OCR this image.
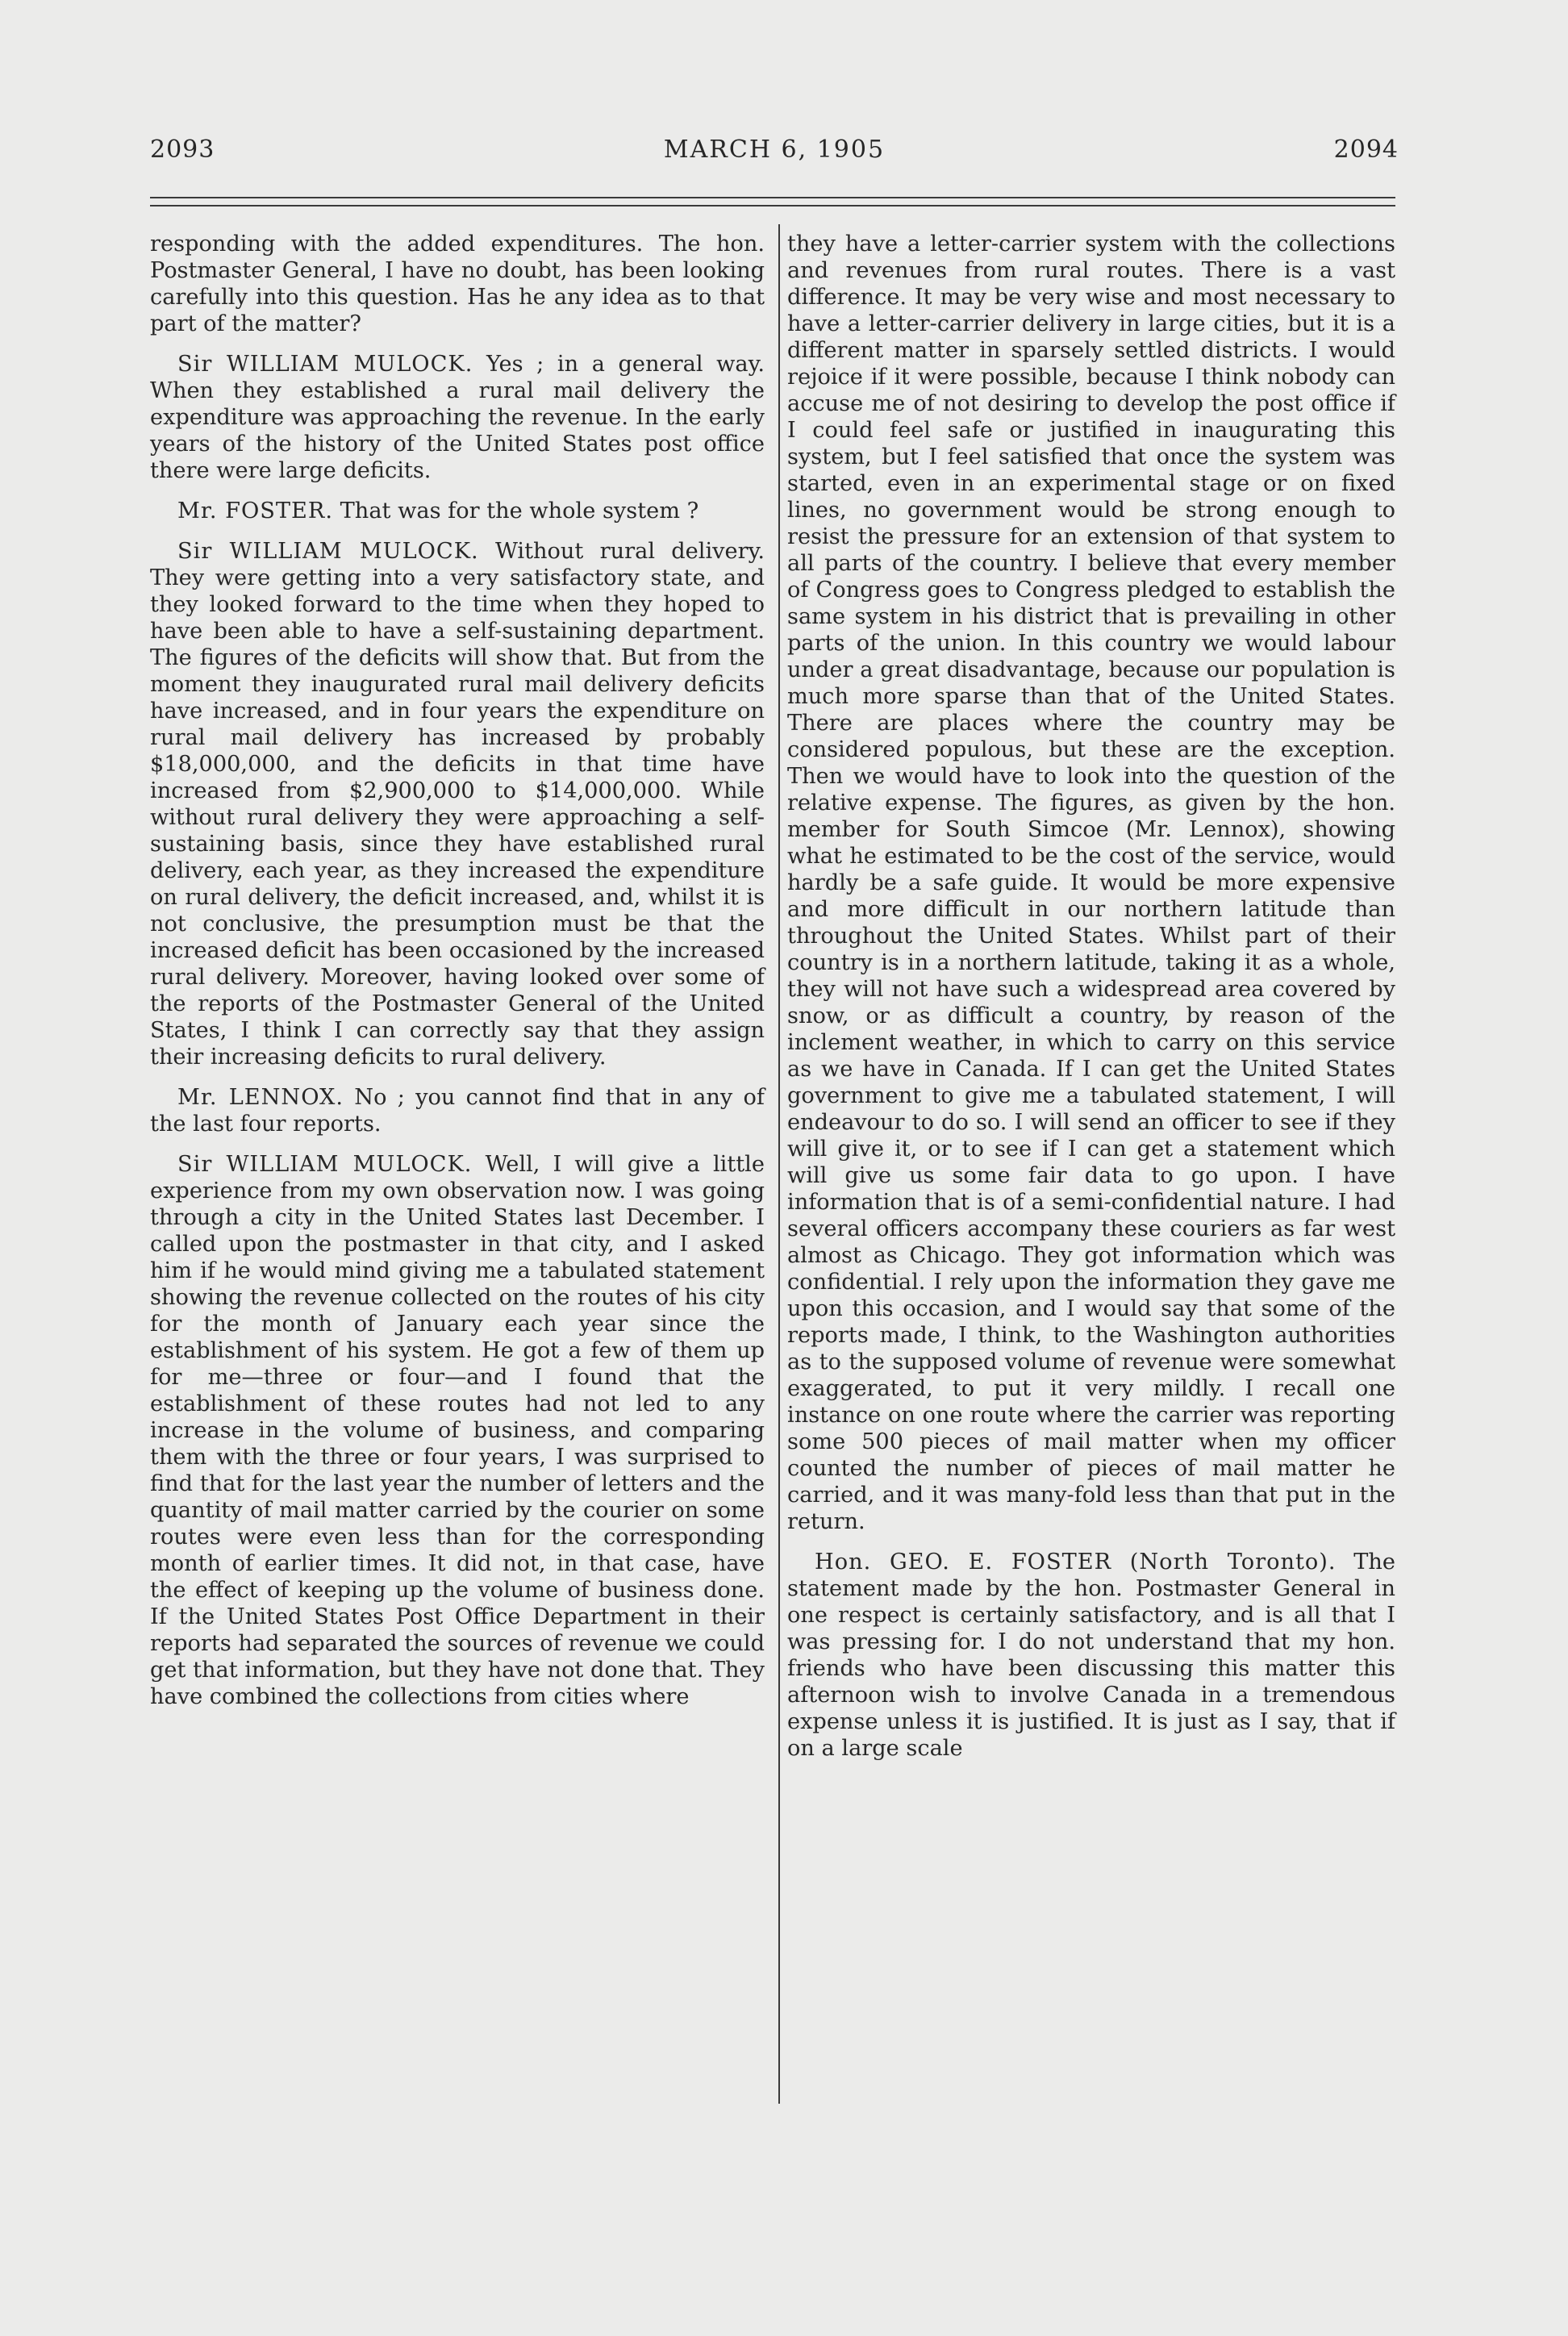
2093	MARCH 6, 1905	2094

responding with the added expenditures. The hon. Postmaster General, I have no doubt, has been looking carefully into this question. Has he any idea as to that part of the matter?

Sir WILLIAM MULOCK. Yes ; in a general way. When they established a rural mail delivery the expenditure was approaching the revenue. In the early years of the history of the United States post office there were large deficits.

Mr. FOSTER. That was for the whole system ?

Sir WILLIAM MULOCK. Without rural delivery. They were getting into a very satisfactory state, and they looked forward to the time when they hoped to have been able to have a self-sustaining department. The figures of the deficits will show that. But from the moment they inaugurated rural mail delivery deficits have increased, and in four years the expenditure on rural mail delivery has increased by probably $18,000,000, and the deficits in that time have increased from $2,900,000 to $14,000,000. While without rural delivery they were approaching a self-sustaining basis, since they have established rural delivery, each year, as they increased the expenditure on rural delivery, the deficit increased, and, whilst it is not conclusive, the presumption must be that the increased deficit has been occasioned by the increased rural delivery. Moreover, having looked over some of the reports of the Postmaster General of the United States, I think I can correctly say that they assign their increasing deficits to rural delivery.

Mr. LENNOX. No ; you cannot find that in any of the last four reports.

Sir WILLIAM MULOCK. Well, I will give a little experience from my own observation now. I was going through a city in the United States last December. I called upon the postmaster in that city, and I asked him if he would mind giving me a tabulated statement showing the revenue collected on the routes of his city for the month of January each year since the establishment of his system. He got a few of them up for me—three or four—and I found that the establishment of these routes had not led to any increase in the volume of business, and comparing them with the three or four years, I was surprised to find that for the last year the number of letters and the quantity of mail matter carried by the courier on some routes were even less than for the corresponding month of earlier times. It did not, in that case, have the effect of keeping up the volume of business done. If the United States Post Office Department in their reports had separated the sources of revenue we could get that information, but they have not done that. They have combined the collections from cities where

they have a letter-carrier system with the collections and revenues from rural routes. There is a vast difference. It may be very wise and most necessary to have a letter-carrier delivery in large cities, but it is a different matter in sparsely settled districts. I would rejoice if it were possible, because I think nobody can accuse me of not desiring to develop the post office if I could feel safe or justified in inaugurating this system, but I feel satisfied that once the system was started, even in an experimental stage or on fixed lines, no government would be strong enough to resist the pressure for an extension of that system to all parts of the country. I believe that every member of Congress goes to Congress pledged to establish the same system in his district that is prevailing in other parts of the union. In this country we would labour under a great disadvantage, because our population is much more sparse than that of the United States. There are places where the country may be considered populous, but these are the exception. Then we would have to look into the question of the relative expense. The figures, as given by the hon. member for South Simcoe (Mr. Lennox), showing what he estimated to be the cost of the service, would hardly be a safe guide. It would be more expensive and more difficult in our northern latitude than throughout the United States. Whilst part of their country is in a northern latitude, taking it as a whole, they will not have such a widespread area covered by snow, or as difficult a country, by reason of the inclement weather, in which to carry on this service as we have in Canada. If I can get the United States government to give me a tabulated statement, I will endeavour to do so. I will send an officer to see if they will give it, or to see if I can get a statement which will give us some fair data to go upon. I have information that is of a semi-confidential nature. I had several officers accompany these couriers as far west almost as Chicago. They got information which was confidential. I rely upon the information they gave me upon this occasion, and I would say that some of the reports made, I think, to the Washington authorities as to the supposed volume of revenue were somewhat exaggerated, to put it very mildly. I recall one instance on one route where the carrier was reporting some 500 pieces of mail matter when my officer counted the number of pieces of mail matter he carried, and it was many-fold less than that put in the return.

Hon. GEO. E. FOSTER (North Toronto). The statement made by the hon. Postmaster General in one respect is certainly satisfactory, and is all that I was pressing for. I do not understand that my hon. friends who have been discussing this matter this afternoon wish to involve Canada in a tremendous expense unless it is justified. It is just as I say, that if on a large scale
